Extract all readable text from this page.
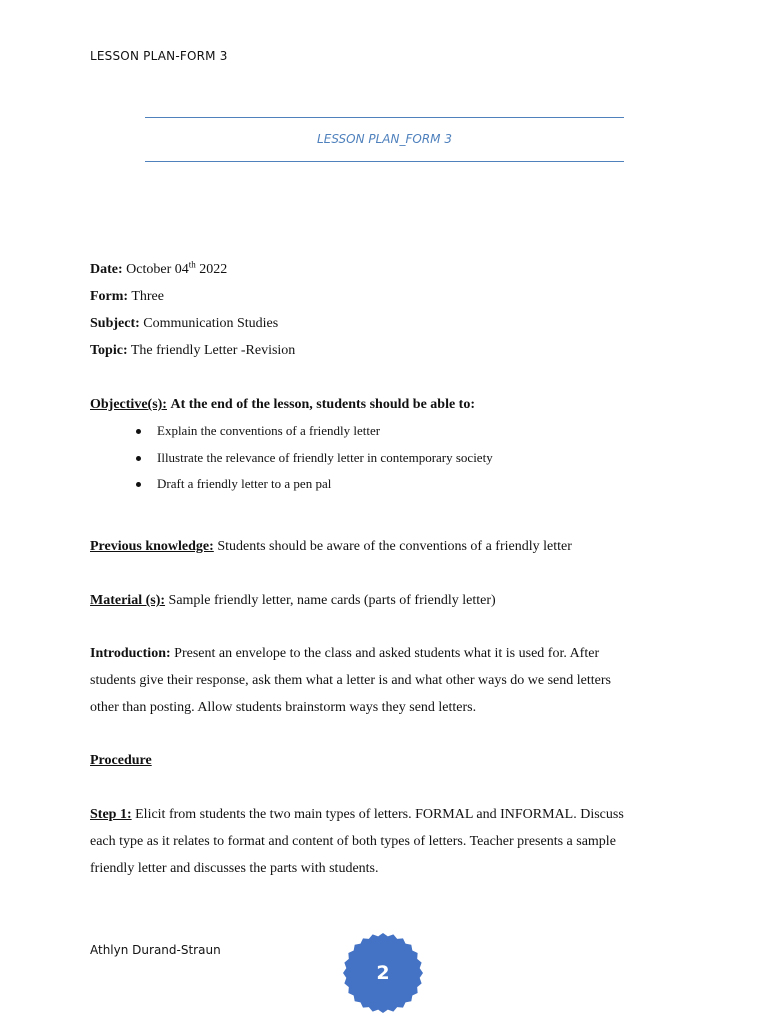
LESSON PLAN-FORM 3
LESSON PLAN_FORM 3
Date: October 04th 2022
Form: Three
Subject: Communication Studies
Topic: The friendly Letter -Revision
Objective(s): At the end of the lesson, students should be able to:
Explain the conventions of a friendly letter
Illustrate the relevance of friendly letter in contemporary society
Draft a friendly letter to a pen pal
Previous knowledge: Students should be aware of the conventions of a friendly letter
Material (s): Sample friendly letter, name cards (parts of friendly letter)
Introduction: Present an envelope to the class and asked students what it is used for. After
students give their response, ask them what a letter is and what other ways do we send letters
other than posting. Allow students brainstorm ways they send letters.
Procedure
Step 1: Elicit from students the two main types of letters. FORMAL and INFORMAL. Discuss
each type as it relates to format and content of both types of letters. Teacher presents a sample
friendly letter and discusses the parts with students.
Athlyn Durand-Straun
2
